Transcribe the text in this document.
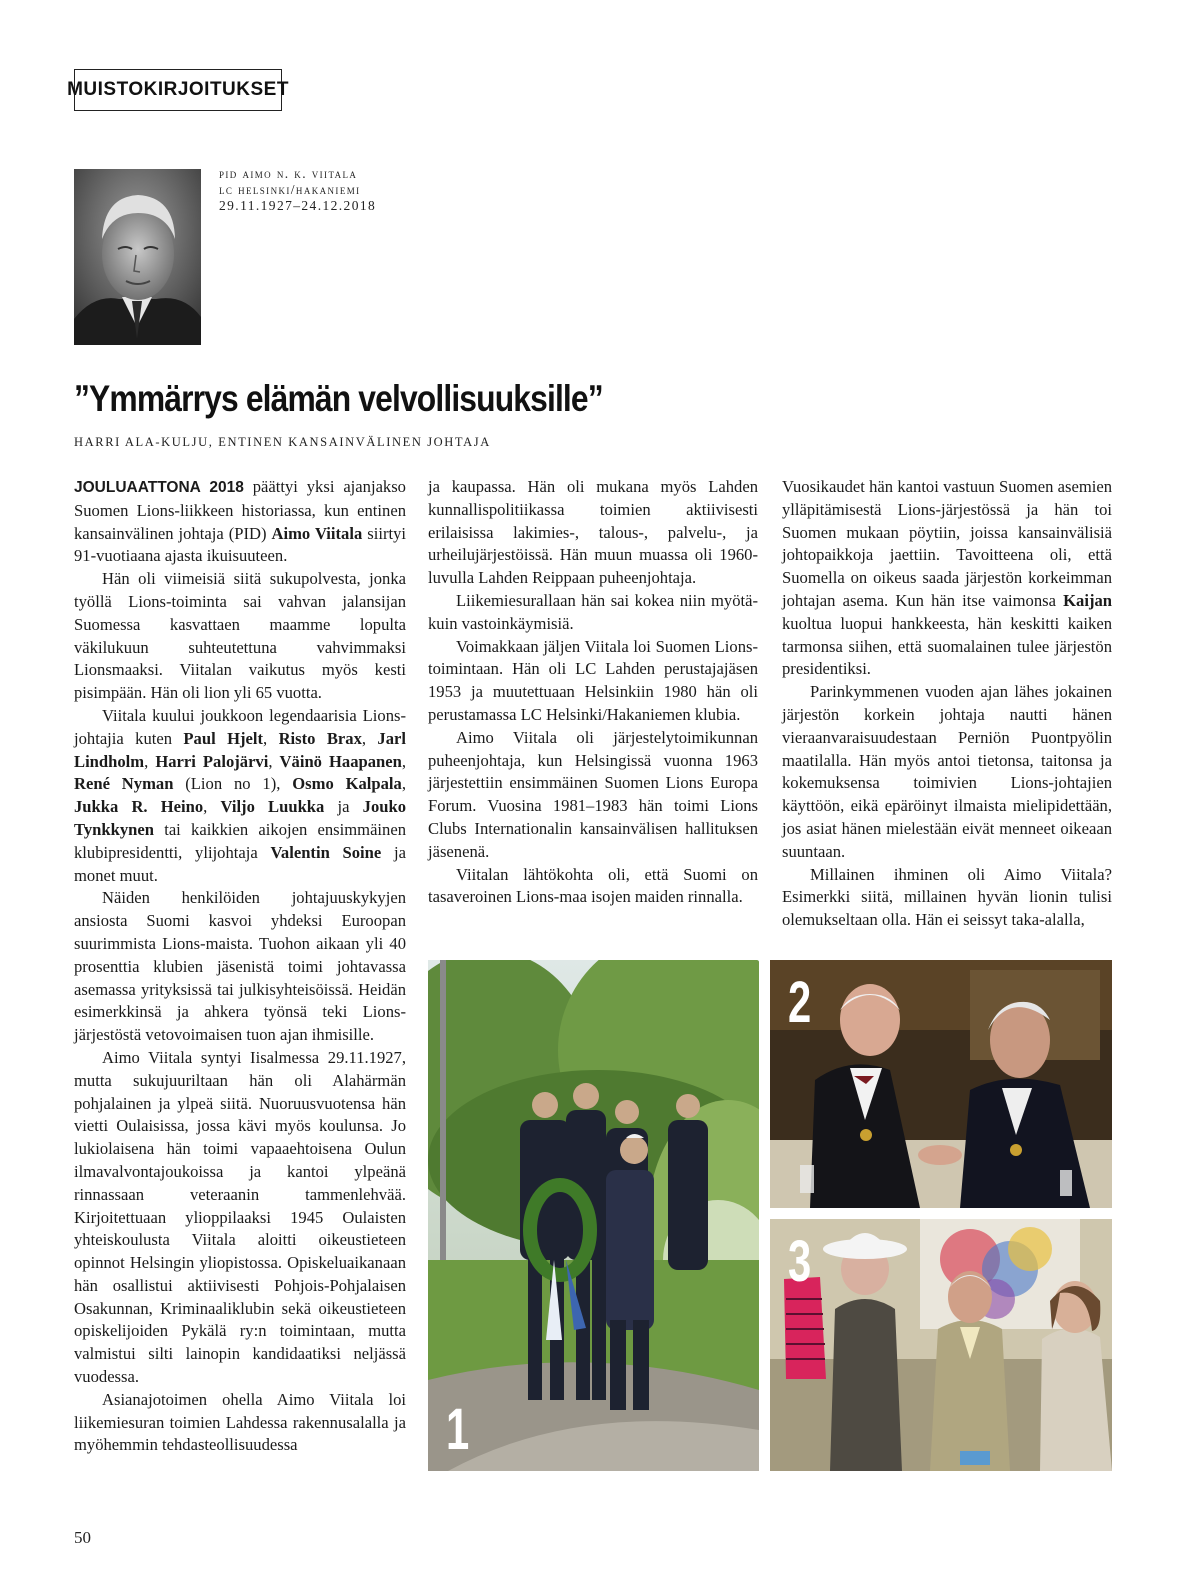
MUISTOKIRJOITUKSET
pid aimo n. k. viitala
lc helsinki/hakaniemi
29.11.1927–24.12.2018
”Ymmärrys elämän velvollisuuksille”
HARRI ALA-KULJU, ENTINEN KANSAINVÄLINEN JOHTAJA

JOULUAATTONA 2018 päättyi yksi ajanjakso Suomen Lions-liikkeen historiassa, kun entinen kansainvälinen johtaja (PID) Aimo Viitala siirtyi 91-vuotiaana ajasta ikuisuuteen.

Hän oli viimeisiä siitä sukupolvesta, jonka työllä Lions-toiminta sai vahvan jalansijan Suomessa kasvattaen maamme lopulta väkilukuun suhteutettuna vahvimmaksi Lionsmaaksi. Viitalan vaikutus myös kesti pisimpään. Hän oli lion yli 65 vuotta.

Viitala kuului joukkoon legendaarisia Lions-johtajia kuten Paul Hjelt, Risto Brax, Jarl Lindholm, Harri Palojärvi, Väinö Haapanen, René Nyman (Lion no 1), Osmo Kalpala, Jukka R. Heino, Viljo Luukka ja Jouko Tynkkynen tai kaikkien aikojen ensimmäinen klubipresidentti, ylijohtaja Valentin Soine ja monet muut.

Näiden henkilöiden johtajuuskykyjen ansiosta Suomi kasvoi yhdeksi Euroopan suurimmista Lions-maista. Tuohon aikaan yli 40 prosenttia klubien jäsenistä toimi johtavassa asemassa yrityksissä tai julkisyhteisöissä. Heidän esimerkkinsä ja ahkera työnsä teki Lions-järjestöstä vetovoimaisen tuon ajan ihmisille.

Aimo Viitala syntyi Iisalmessa 29.11.1927, mutta sukujuuriltaan hän oli Alahärmän pohjalainen ja ylpeä siitä. Nuoruusvuotensa hän vietti Oulaisissa, jossa kävi myös koulunsa. Jo lukiolaisena hän toimi vapaaehtoisena Oulun ilmavalvontajoukoissa ja kantoi ylpeänä rinnassaan veteraanin tammenlehvää. Kirjoitettuaan ylioppilaaksi 1945 Oulaisten yhteiskoulusta Viitala aloitti oikeustieteen opinnot Helsingin yliopistossa. Opiskeluaikanaan hän osallistui aktiivisesti Pohjois-Pohjalaisen Osakunnan, Kriminaaliklubin sekä oikeustieteen opiskelijoiden Pykälä ry:n toimintaan, mutta valmistui silti lainopin kandidaatiksi neljässä vuodessa.

Asianajotoimen ohella Aimo Viitala loi liikemiesuran toimien Lahdessa rakennusalalla ja myöhemmin tehdasteollisuudessa

ja kaupassa. Hän oli mukana myös Lahden kunnallispolitiikassa toimien aktiivisesti erilaisissa lakimies-, talous-, palvelu-, ja urheilujärjestöissä. Hän muun muassa oli 1960-luvulla Lahden Reippaan puheenjohtaja.

Liikemiesurallaan hän sai kokea niin myötä- kuin vastoinkäymisiä.

Voimakkaan jäljen Viitala loi Suomen Lions-toimintaan. Hän oli LC Lahden perustajajäsen 1953 ja muutettuaan Helsinkiin 1980 hän oli perustamassa LC Helsinki/Hakaniemen klubia.

Aimo Viitala oli järjestelytoimikunnan puheenjohtaja, kun Helsingissä vuonna 1963 järjestettiin ensimmäinen Suomen Lions Europa Forum. Vuosina 1981–1983 hän toimi Lions Clubs Internationalin kansainvälisen hallituksen jäsenenä.

Viitalan lähtökohta oli, että Suomi on tasaveroinen Lions-maa isojen maiden rinnalla.

Vuosikaudet hän kantoi vastuun Suomen asemien ylläpitämisestä Lions-järjestössä ja hän toi Suomen mukaan pöytiin, joissa kansainvälisiä johtopaikkoja jaettiin. Tavoitteena oli, että Suomella on oikeus saada järjestön korkeimman johtajan asema. Kun hän itse vaimonsa Kaijan kuoltua luopui hankkeesta, hän keskitti kaiken tarmonsa siihen, että suomalainen tulee järjestön presidentiksi.

Parinkymmenen vuoden ajan lähes jokainen järjestön korkein johtaja nautti hänen vieraanvaraisuudestaan Perniön Puontpyölin maatilalla. Hän myös antoi tietonsa, taitonsa ja kokemuksensa toimivien Lions-johtajien käyttöön, eikä epäröinyt ilmaista mielipidettään, jos asiat hänen mielestään eivät menneet oikeaan suuntaan.

Millainen ihminen oli Aimo Viitala? Esimerkki siitä, millainen hyvän lionin tulisi olemukseltaan olla. Hän ei seissyt taka-alalla,

1
2
3
50
